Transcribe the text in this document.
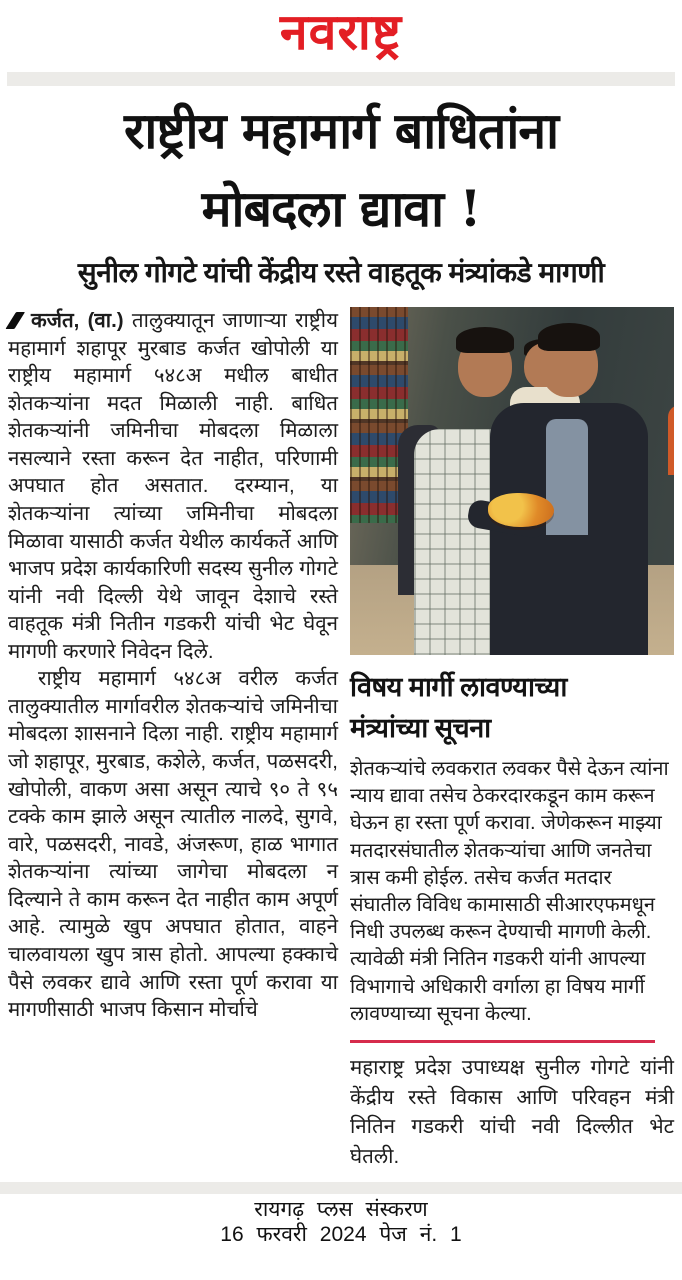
नवराष्ट्र
राष्ट्रीय महामार्ग बाधितांना
मोबदला द्यावा !
सुनील गोगटे यांची केंद्रीय रस्ते वाहतूक मंत्र्यांकडे मागणी

कर्जत, (वा.) तालुक्यातून जाणाऱ्या राष्ट्रीय महामार्ग शहापूर मुरबाड कर्जत खोपोली या राष्ट्रीय महामार्ग ५४८अ मधील बाधीत शेतकऱ्यांना मदत मिळाली नाही. बाधित शेतकऱ्यांनी जमिनीचा मोबदला मिळाला नसल्याने रस्ता करून देत नाहीत, परिणामी अपघात होत असतात. दरम्यान, या शेतकऱ्यांना त्यांच्या जमिनीचा मोबदला मिळावा यासाठी कर्जत येथील कार्यकर्ते आणि भाजप प्रदेश कार्यकारिणी सदस्य सुनील गोगटे यांनी नवी दिल्ली येथे जावून देशाचे रस्ते वाहतूक मंत्री नितीन गडकरी यांची भेट घेवून मागणी करणारे निवेदन दिले.

राष्ट्रीय महामार्ग ५४८अ वरील कर्जत तालुक्यातील मार्गावरील शेतकऱ्यांचे जमिनीचा मोबदला शासनाने दिला नाही. राष्ट्रीय महामार्ग जो शहापूर, मुरबाड, कशेले, कर्जत, पळसदरी, खोपोली, वाकण असा असून त्याचे ९० ते ९५ टक्के काम झाले असून त्यातील नालदे, सुगवे, वारे, पळसदरी, नावडे, अंजरूण, हाळ भागात शेतकऱ्यांना त्यांच्या जागेचा मोबदला न दिल्याने ते काम करून देत नाहीत काम अपूर्ण आहे. त्यामुळे खुप अपघात होतात, वाहने चालवायला खुप त्रास होतो. आपल्या हक्काचे पैसे लवकर द्यावे आणि रस्ता पूर्ण करावा या मागणीसाठी भाजप किसान मोर्चाचे

विषय मार्गी लावण्याच्या
मंत्र्यांच्या सूचना

शेतकऱ्यांचे लवकरात लवकर पैसे देऊन त्यांना न्याय द्यावा तसेच ठेकरदारकडून काम करून घेऊन हा रस्ता पूर्ण करावा. जेणेकरून माझ्या मतदारसंघातील शेतकऱ्यांचा आणि जनतेचा त्रास कमी होईल. तसेच कर्जत मतदार संघातील विविध कामासाठी सीआरएफमधून निधी उपलब्ध करून देण्याची मागणी केली. त्यावेळी मंत्री नितिन गडकरी यांनी आपल्या विभागाचे अधिकारी वर्गाला हा विषय मार्गी लावण्याच्या सूचना केल्या.

महाराष्ट्र प्रदेश उपाध्यक्ष सुनील गोगटे यांनी केंद्रीय रस्ते विकास आणि परिवहन मंत्री नितिन गडकरी यांची नवी दिल्लीत भेट घेतली.

रायगढ़ प्लस संस्करण
16 फरवरी 2024 पेज नं. 1
